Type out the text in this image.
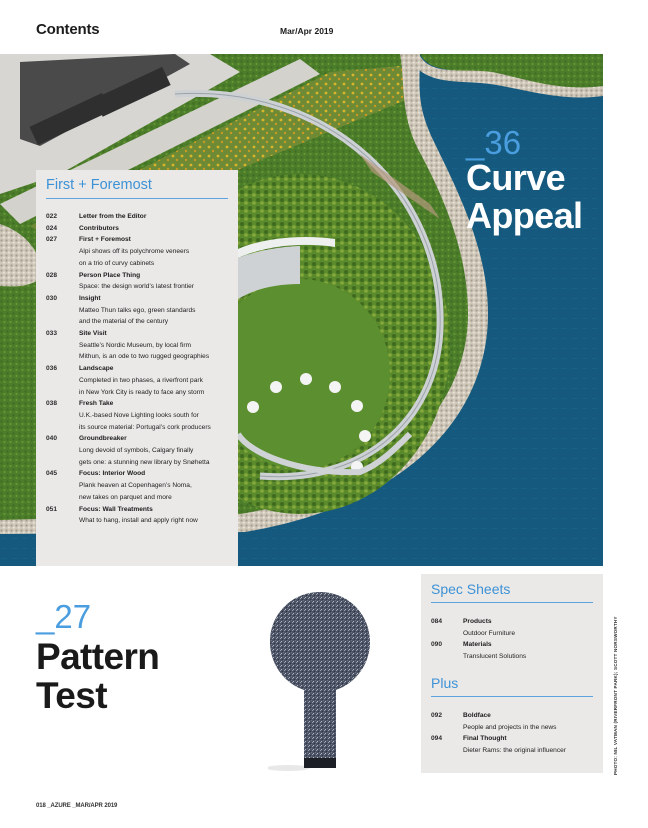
Contents	Mar/Apr 2019
First + Foremost
022	Letter from the Editor
024	Contributors
027	First + Foremost
Alpi shows off its polychrome veneers
on a trio of curvy cabinets
028	Person Place Thing
Space: the design world’s latest frontier
030	Insight
Matteo Thun talks ego, green standards
and the material of the century
033	Site Visit
Seattle’s Nordic Museum, by local firm
Mithun, is an ode to two rugged geographies
036	Landscape
Completed in two phases, a riverfront park
in New York City is ready to face any storm
038	Fresh Take
U.K.-based Nove Lighting looks south for
its source material: Portugal’s cork producers
040	Groundbreaker
Long devoid of symbols, Calgary finally
gets one: a stunning new library by Snøhetta
045	Focus: Interior Wood
Plank heaven at Copenhagen’s Noma,
new takes on parquet and more
051	Focus: Wall Treatments
What to hang, install and apply right now
_36
Curve
Appeal
_27
Pattern
Test
Spec Sheets
084	Products
Outdoor Furniture
090	Materials
Translucent Solutions
Plus
092	Boldface
People and projects in the news
094	Final Thought
Dieter Rams: the original influencer	PHOTO: NIL VATMAN (RIVERFRONT PARK); SCOTT NORSWORTHY
018 _AZURE _MAR/APR 2019
